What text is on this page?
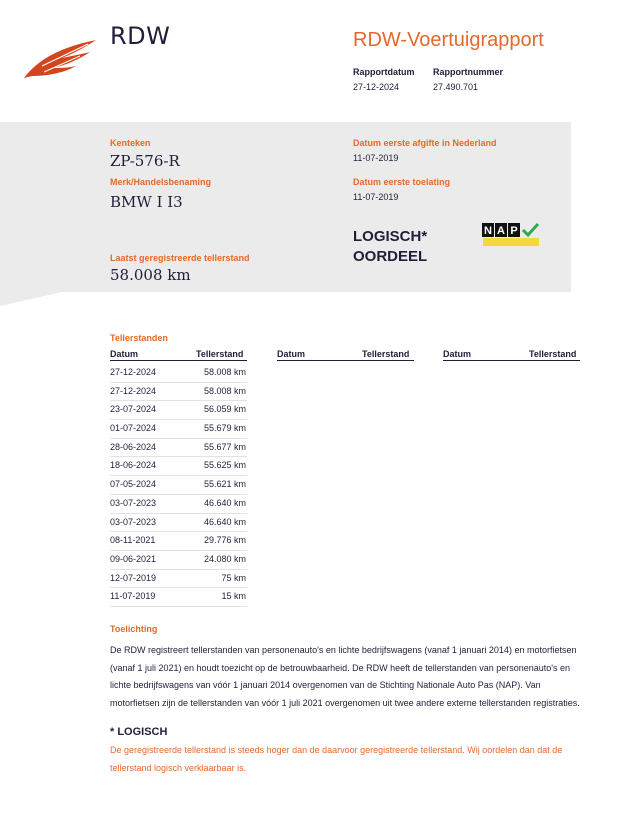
RDW	RDW-Voertuigrapport
Rapportdatum
27-12-2024
Rapportnummer
27.490.701
Kenteken
ZP-576-R
Merk/Handelsbenaming
BMW I I3
Laatst geregistreerde tellerstand
58.008 km
Datum eerste afgifte in Nederland
11-07-2019
Datum eerste toelating
11-07-2019
LOGISCH*
OORDEEL
N A P
Tellerstanden
Datum	Tellerstand	Datum	Tellerstand	Datum	Tellerstand
27-12-2024	58.008 km
27-12-2024	58.008 km
23-07-2024	56.059 km
01-07-2024	55.679 km
28-06-2024	55.677 km
18-06-2024	55.625 km
07-05-2024	55.621 km
03-07-2023	46.640 km
03-07-2023	46.640 km
08-11-2021	29.776 km
09-06-2021	24.080 km
12-07-2019	75 km
11-07-2019	15 km
Toelichting
De RDW registreert tellerstanden van personenauto's en lichte bedrijfswagens (vanaf 1 januari 2014) en motorfietsen (vanaf 1 juli 2021) en houdt toezicht op de betrouwbaarheid. De RDW heeft de tellerstanden van personenauto's en lichte bedrijfswagens van vóór 1 januari 2014 overgenomen van de Stichting Nationale Auto Pas (NAP). Van motorfietsen zijn de tellerstanden van vóór 1 juli 2021 overgenomen uit twee andere externe tellerstanden registraties.
* LOGISCH
De geregistreerde tellerstand is steeds hoger dan de daarvoor geregistreerde tellerstand. Wij oordelen dan dat de tellerstand logisch verklaarbaar is.
